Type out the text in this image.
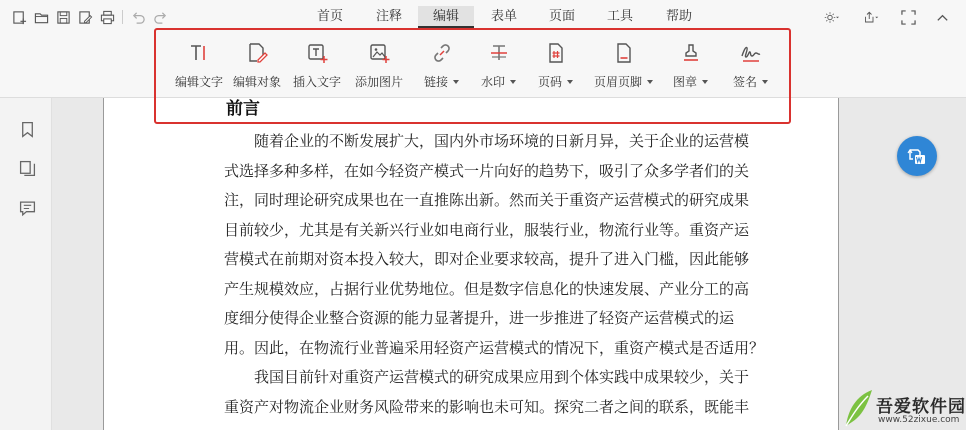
首页	注释	编辑	表单	页面	工具	帮助
编辑文字 编辑对象 插入文字 添加图片 链接	水印	页码	页眉页脚	图章	签名
前言
随着企业的不断发展扩大，国内外市场环境的日新月异，关于企业的运营模
式选择多种多样，在如今轻资产模式一片向好的趋势下，吸引了众多学者们的关
注，同时理论研究成果也在一直推陈出新。然而关于重资产运营模式的研究成果
目前较少，尤其是有关新兴行业如电商行业，服装行业，物流行业等。重资产运
营模式在前期对资本投入较大，即对企业要求较高，提升了进入门槛，因此能够
产生规模效应，占据行业优势地位。但是数字信息化的快速发展、产业分工的高
度细分使得企业整合资源的能力显著提升，进一步推进了轻资产运营模式的运
用。因此，在物流行业普遍采用轻资产运营模式的情况下，重资产模式是否适用？
我国目前针对重资产运营模式的研究成果应用到个体实践中成果较少，关于
重资产对物流企业财务风险带来的影响也未可知。探究二者之间的联系，既能丰	吾爱软件园
www.52zixue.com
